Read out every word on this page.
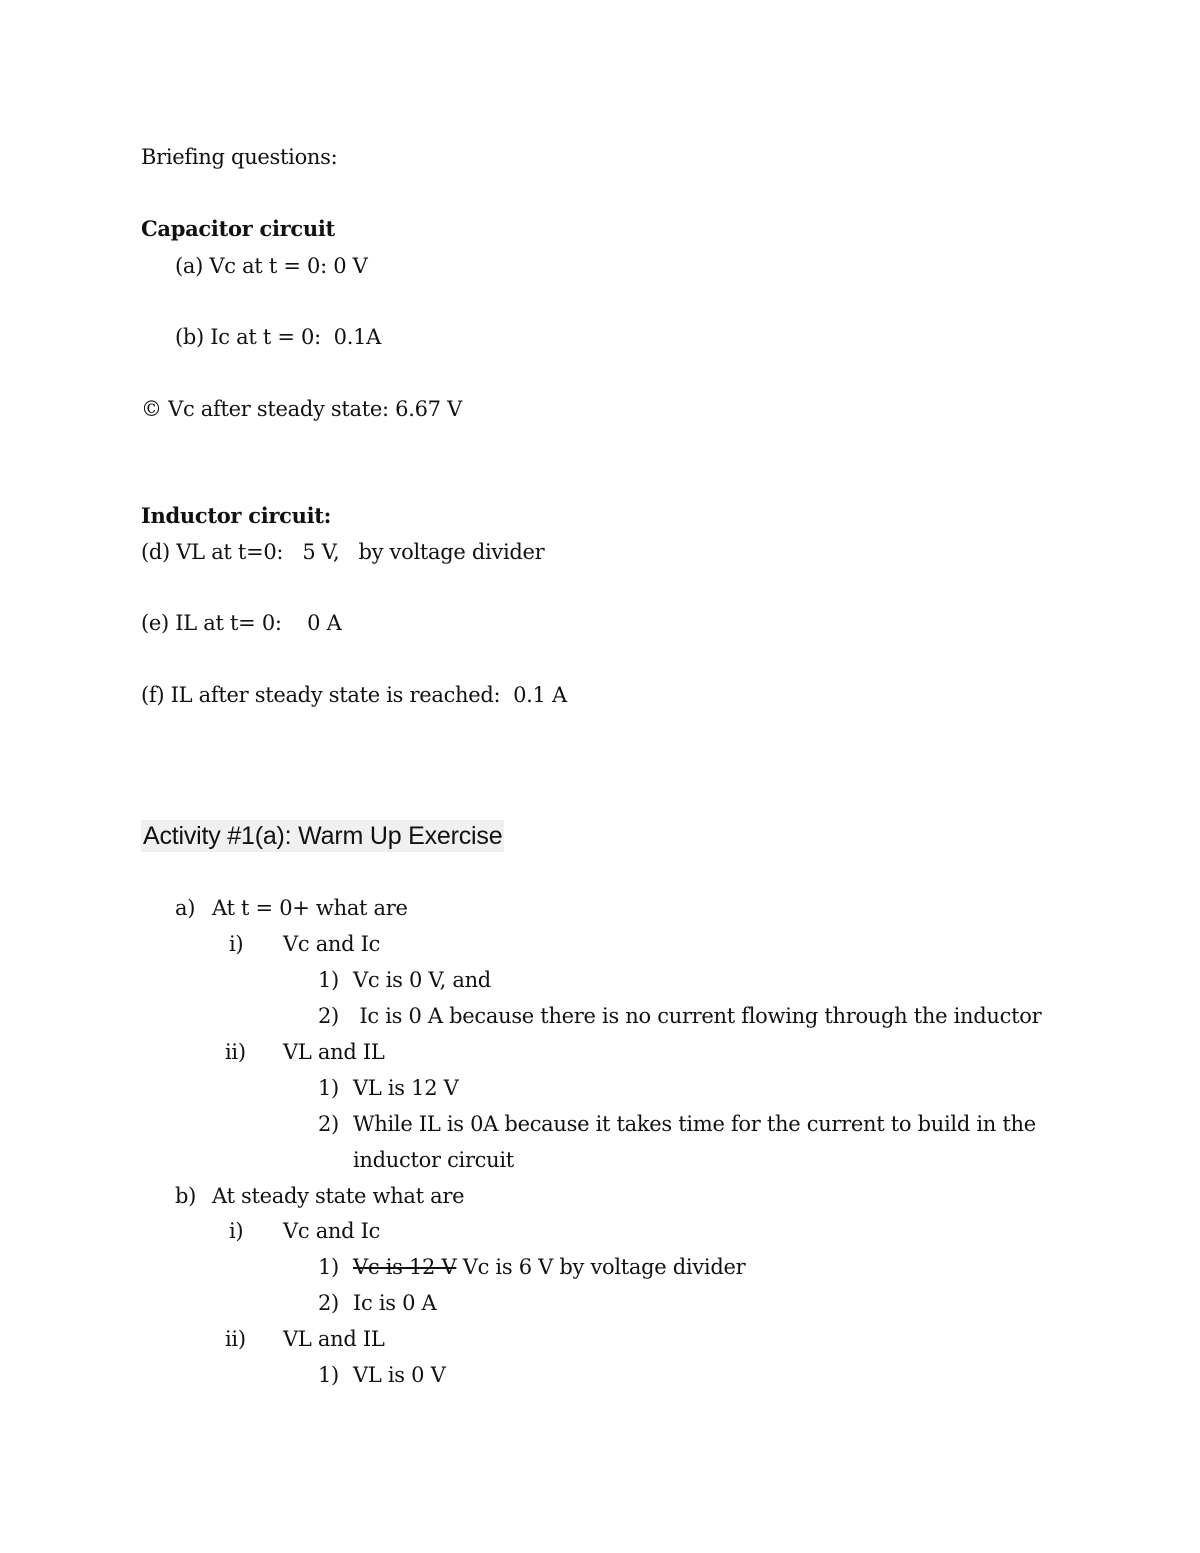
Briefing questions:
Capacitor circuit
(a) Vc at t = 0: 0 V
(b) Ic at t = 0:  0.1A
© Vc after steady state: 6.67 V
Inductor circuit:
(d) VL at t=0:   5 V,   by voltage divider
(e) IL at t= 0:    0 A
(f) IL after steady state is reached:  0.1 A
Activity #1(a): Warm Up Exercise
a) At t = 0+ what are
i) Vc and Ic
1) Vc is 0 V, and
2) Ic is 0 A because there is no current flowing through the inductor
ii) VL and IL
1) VL is 12 V
2) While IL is 0A because it takes time for the current to build in the
inductor circuit
b) At steady state what are
i) Vc and Ic
1) Vc is 12 V Vc is 6 V by voltage divider
2) Ic is 0 A
ii) VL and IL
1) VL is 0 V
